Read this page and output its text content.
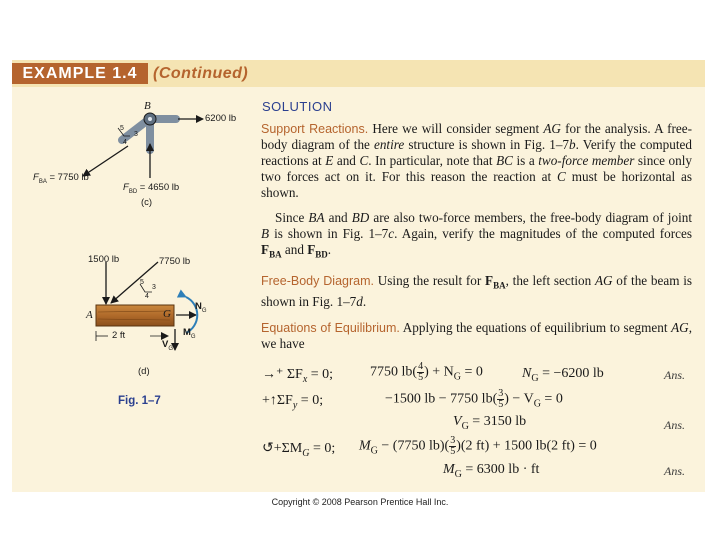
EXAMPLE 1.4 (Continued)
B
6200 lb
5
3
4
$F_{BA} = 7750$ lb
$F_{BD} = 4650$ lb
(c)
1500 lb	7750 lb
5
3
4
A	G
$N_G$
$M_G$
$V_G$
2 ft
(d)
Fig. 1–7
SOLUTION
Support Reactions. Here we will consider segment AG for the analysis. A free-body diagram of the entire structure is shown in Fig. 1–7b. Verify the computed reactions at E and C. In particular, note that BC is a two-force member since only two forces act on it. For this reason the reaction at C must be horizontal as shown.
Since BA and BD are also two-force members, the free-body diagram of joint B is shown in Fig. 1–7c. Again, verify the magnitudes of the computed forces $F_{BA}$ and $F_{BD}$.
Free-Body Diagram. Using the result for $F_{BA}$, the left section AG of the beam is shown in Fig. 1–7d.
Equations of Equilibrium. Applying the equations of equilibrium to segment AG, we have
→⁺ $\Sigma F_x = 0$;	7750 $lb( \frac{4}{5}$ ) + $N_G = 0$	$N_G = -6200$ lb	Ans.
$+↑\Sigma F_y = 0$;	−1500 lb − 7750 $lb( \frac{3}{5}$ ) − $V_G = 0$
$V_G = 3150$ lb	Ans.
$↺+\Sigma M_G = 0$; $M_G - (7750$ $lb)( \frac{3}{5} )(2$ ft) + 1500 lb(2 ft) = 0
$M_G = 6300$ lb · ft	Ans.
Copyright © 2008 Pearson Prentice Hall Inc.
